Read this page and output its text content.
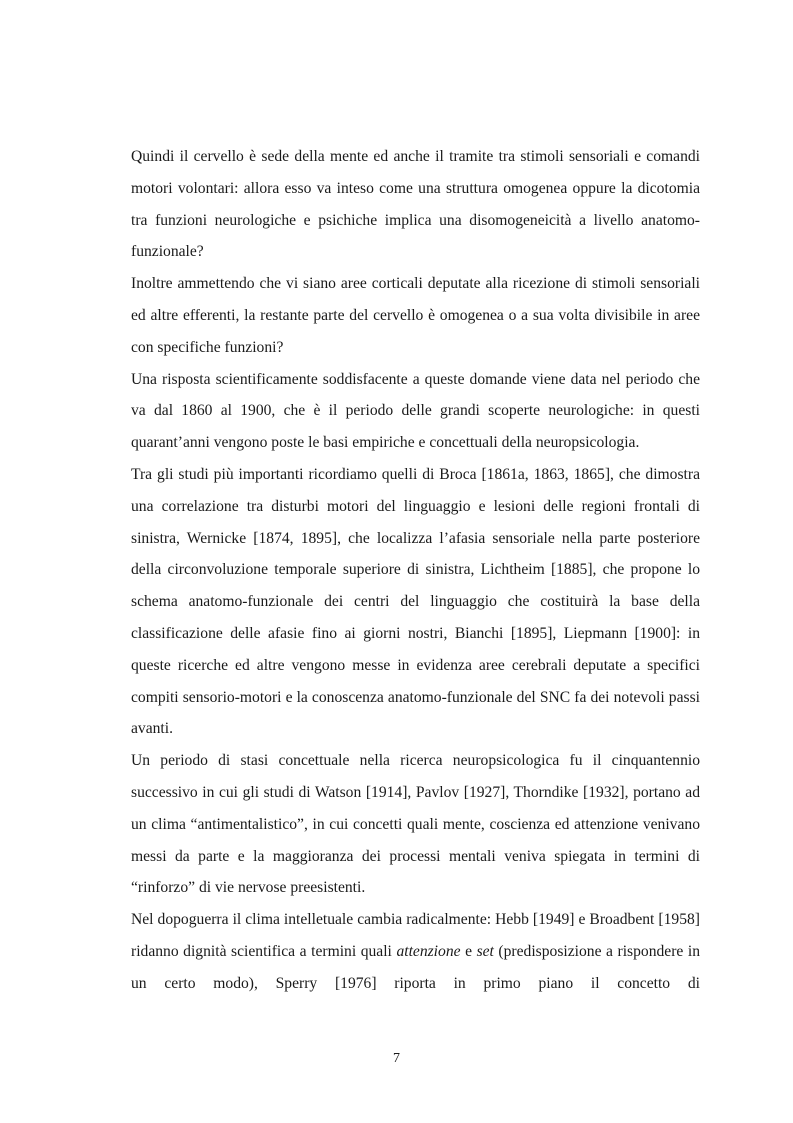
Quindi il cervello è sede della mente ed anche il tramite tra stimoli sensoriali e comandi motori volontari: allora esso va inteso come una struttura omogenea oppure la dicotomia tra funzioni neurologiche e psichiche implica una disomogeneicità a livello anatomo-funzionale?

Inoltre ammettendo che vi siano aree corticali deputate alla ricezione di stimoli sensoriali ed altre efferenti, la restante parte del cervello è omogenea o a sua volta divisibile in aree con specifiche funzioni?

Una risposta scientificamente soddisfacente a queste domande viene data nel periodo che va dal 1860 al 1900, che è il periodo delle grandi scoperte neurologiche: in questi quarant’anni vengono poste le basi empiriche e concettuali della neuropsicologia.

Tra gli studi più importanti ricordiamo quelli di Broca [1861a, 1863, 1865], che dimostra una correlazione tra disturbi motori del linguaggio e lesioni delle regioni frontali di sinistra, Wernicke [1874, 1895], che localizza l’afasia sensoriale nella parte posteriore della circonvoluzione temporale superiore di sinistra, Lichtheim [1885], che propone lo schema anatomo-funzionale dei centri del linguaggio che costituirà la base della classificazione delle afasie fino ai giorni nostri, Bianchi [1895], Liepmann [1900]: in queste ricerche ed altre vengono messe in evidenza aree cerebrali deputate a specifici compiti sensorio-motori e la conoscenza anatomo-funzionale del SNC fa dei notevoli passi avanti.

Un periodo di stasi concettuale nella ricerca neuropsicologica fu il cinquantennio successivo in cui gli studi di Watson [1914], Pavlov [1927], Thorndike [1932], portano ad un clima “antimentalistico”, in cui concetti quali mente, coscienza ed attenzione venivano messi da parte e la maggioranza dei processi mentali veniva spiegata in termini di “rinforzo” di vie nervose preesistenti.

Nel dopoguerra il clima intelletuale cambia radicalmente: Hebb [1949] e Broadbent [1958] ridanno dignità scientifica a termini quali attenzione e set (predisposizione a rispondere in un certo modo), Sperry [1976] riporta in primo piano il concetto di

7
